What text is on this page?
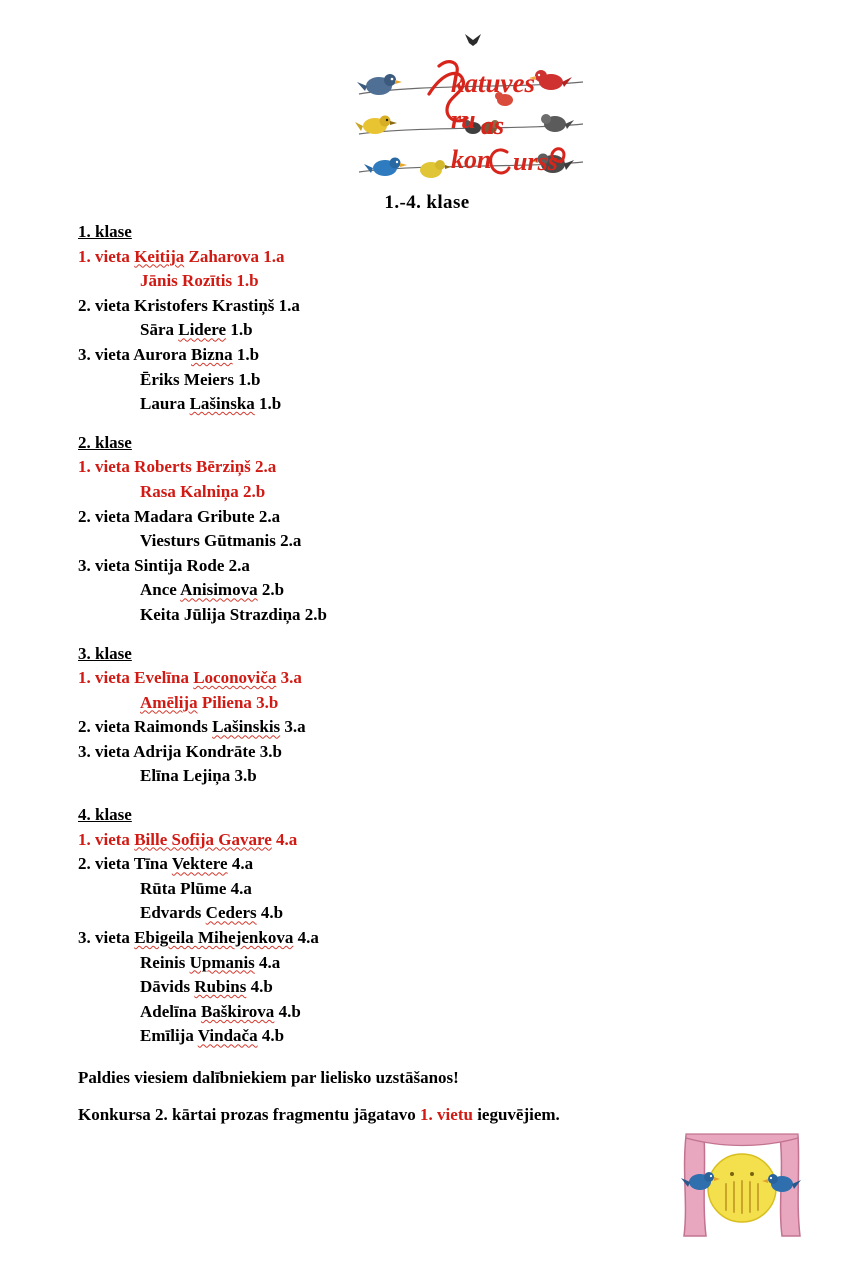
katuves
ru as
kon urss
1.-4. klase
1. klase
1. vieta Keitija Zaharova 1.a
Jānis Rozītis 1.b
2. vieta Kristofers Krastiņš 1.a
Sāra Lidere 1.b
3. vieta Aurora Bizna 1.b
Ēriks Meiers 1.b
Laura Lašinska 1.b
2. klase
1. vieta Roberts Bērziņš 2.a
Rasa Kalniņa 2.b
2. vieta Madara Gributе 2.a
Viesturs Gūtmanis 2.a
3. vieta Sintija Rode 2.a
Ance Anisimova 2.b
Keita Jūlija Strazdiņa 2.b
3. klase
1. vieta Evelīna Loconoviča 3.a
Amēlija Piliena 3.b
2. vieta Raimonds Lašinskis 3.a
3. vieta Adrija Kondrāte 3.b
Elīna Lejiņa 3.b
4. klase
1. vieta Bille Sofija Gavare 4.a
2. vieta Tīna Vektere 4.a
Rūta Plūme 4.a
Edvards Ceders 4.b
3. vieta Ebigeila Mihejenkova 4.a
Reinis Upmanis 4.a
Dāvids Rubins 4.b
Adelīna Baškirova 4.b
Emīlija Vindača 4.b
Paldies viesiem dalībniekiem par lielisko uzstāšanos!
Konkursa 2. kārtai prozas fragmentu jāgatavo 1. vietu ieguvējiem.
